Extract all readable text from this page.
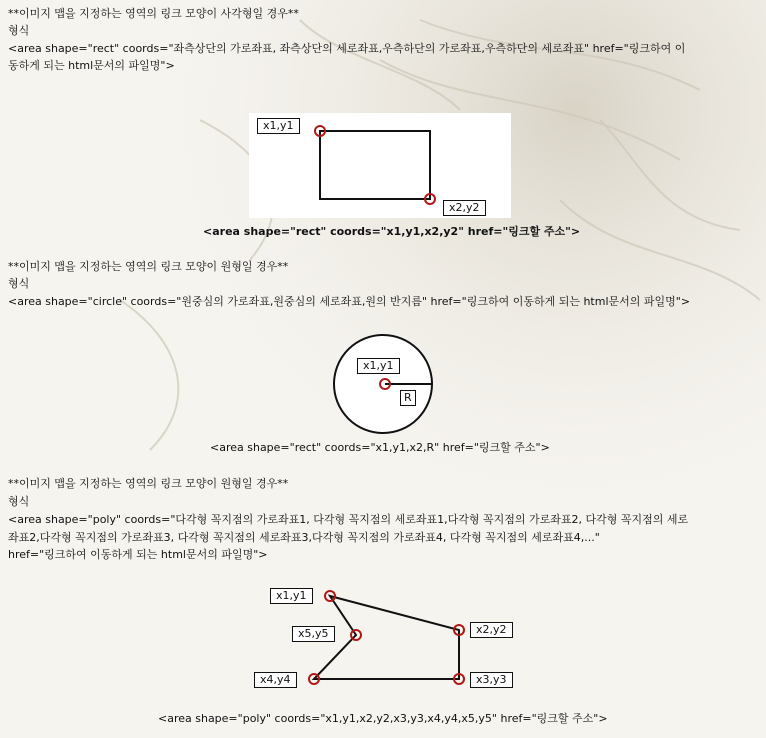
**이미지 맵을 지정하는 영역의 링크 모양이 사각형일 경우**
형식
<area shape="rect" coords="좌측상단의 가로좌표, 좌측상단의 세로좌표,우측하단의 가로좌표,우측하단의 세로좌표" href="링크하여 이
동하게 되는 html문서의 파일명">
x1,y1
x2,y2
<area shape="rect" coords="x1,y1,x2,y2" href="링크할 주소">
**이미지 맵을 지정하는 영역의 링크 모양이 원형일 경우**
형식
<area shape="circle" coords="원중심의 가로좌표,원중심의 세로좌표,원의 반지름" href="링크하여 이동하게 되는 html문서의 파일명">
x1,y1
R
<area shape="rect" coords="x1,y1,x2,R" href="링크할 주소">
**이미지 맵을 지정하는 영역의 링크 모양이 원형일 경우**
형식
<area shape="poly" coords="다각형 꼭지점의 가로좌표1, 다각형 꼭지점의 세로좌표1,다각형 꼭지점의 가로좌표2, 다각형 꼭지점의 세로
좌표2,다각형 꼭지점의 가로좌표3, 다각형 꼭지점의 세로좌표3,다각형 꼭지점의 가로좌표4, 다각형 꼭지점의 세로좌표4,..."
href="링크하여 이동하게 되는 html문서의 파일명">
x1,y1
x2,y2
x3,y3
x4,y4
x5,y5
<area shape="poly" coords="x1,y1,x2,y2,x3,y3,x4,y4,x5,y5" href="링크할 주소">
